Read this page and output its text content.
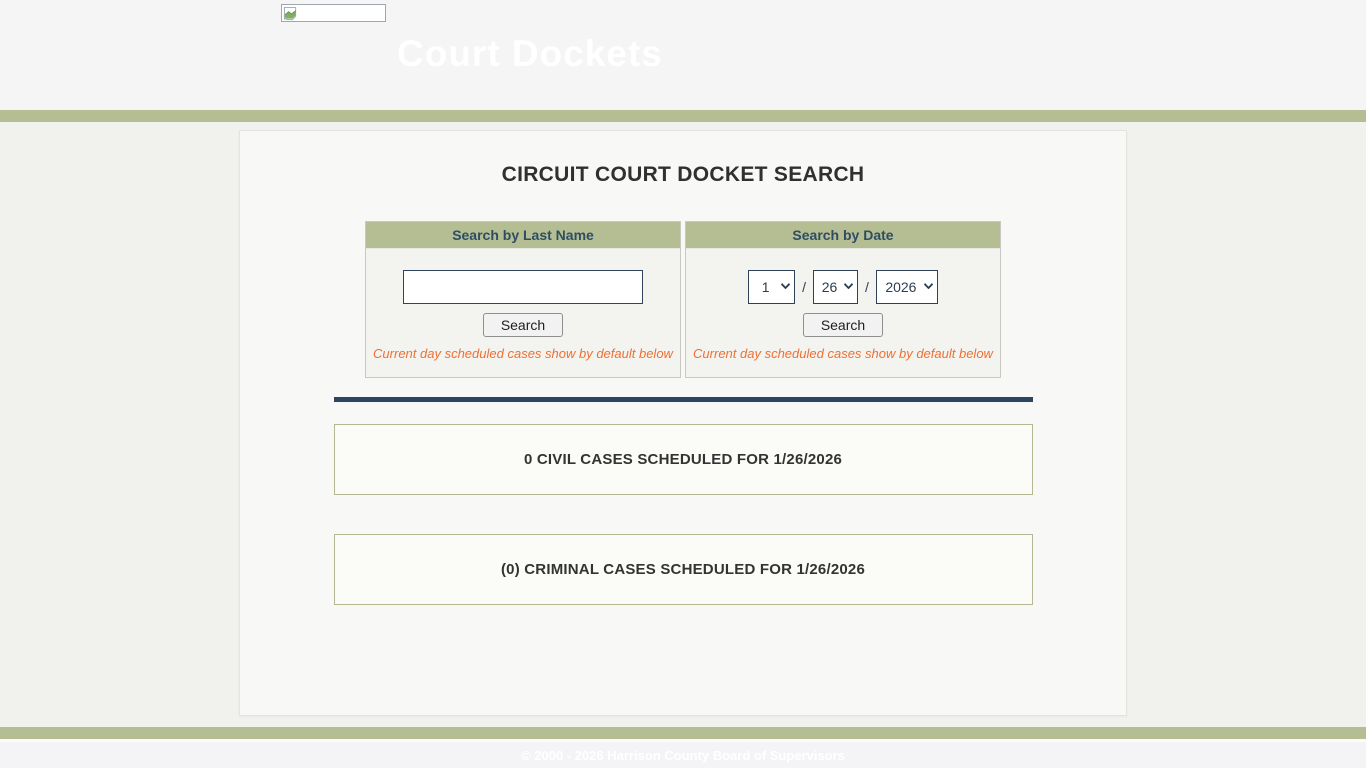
Court Dockets
CIRCUIT COURT DOCKET SEARCH
Search by Last Name

Search
Current day scheduled cases show by default below
Search by Date
1
/
26	/
2026
Search
Current day scheduled cases show by default below
0 CIVIL CASES SCHEDULED FOR 1/26/2026
(0) CRIMINAL CASES SCHEDULED FOR 1/26/2026
© 2000 - 2026 Harrison County Board of Supervisors
